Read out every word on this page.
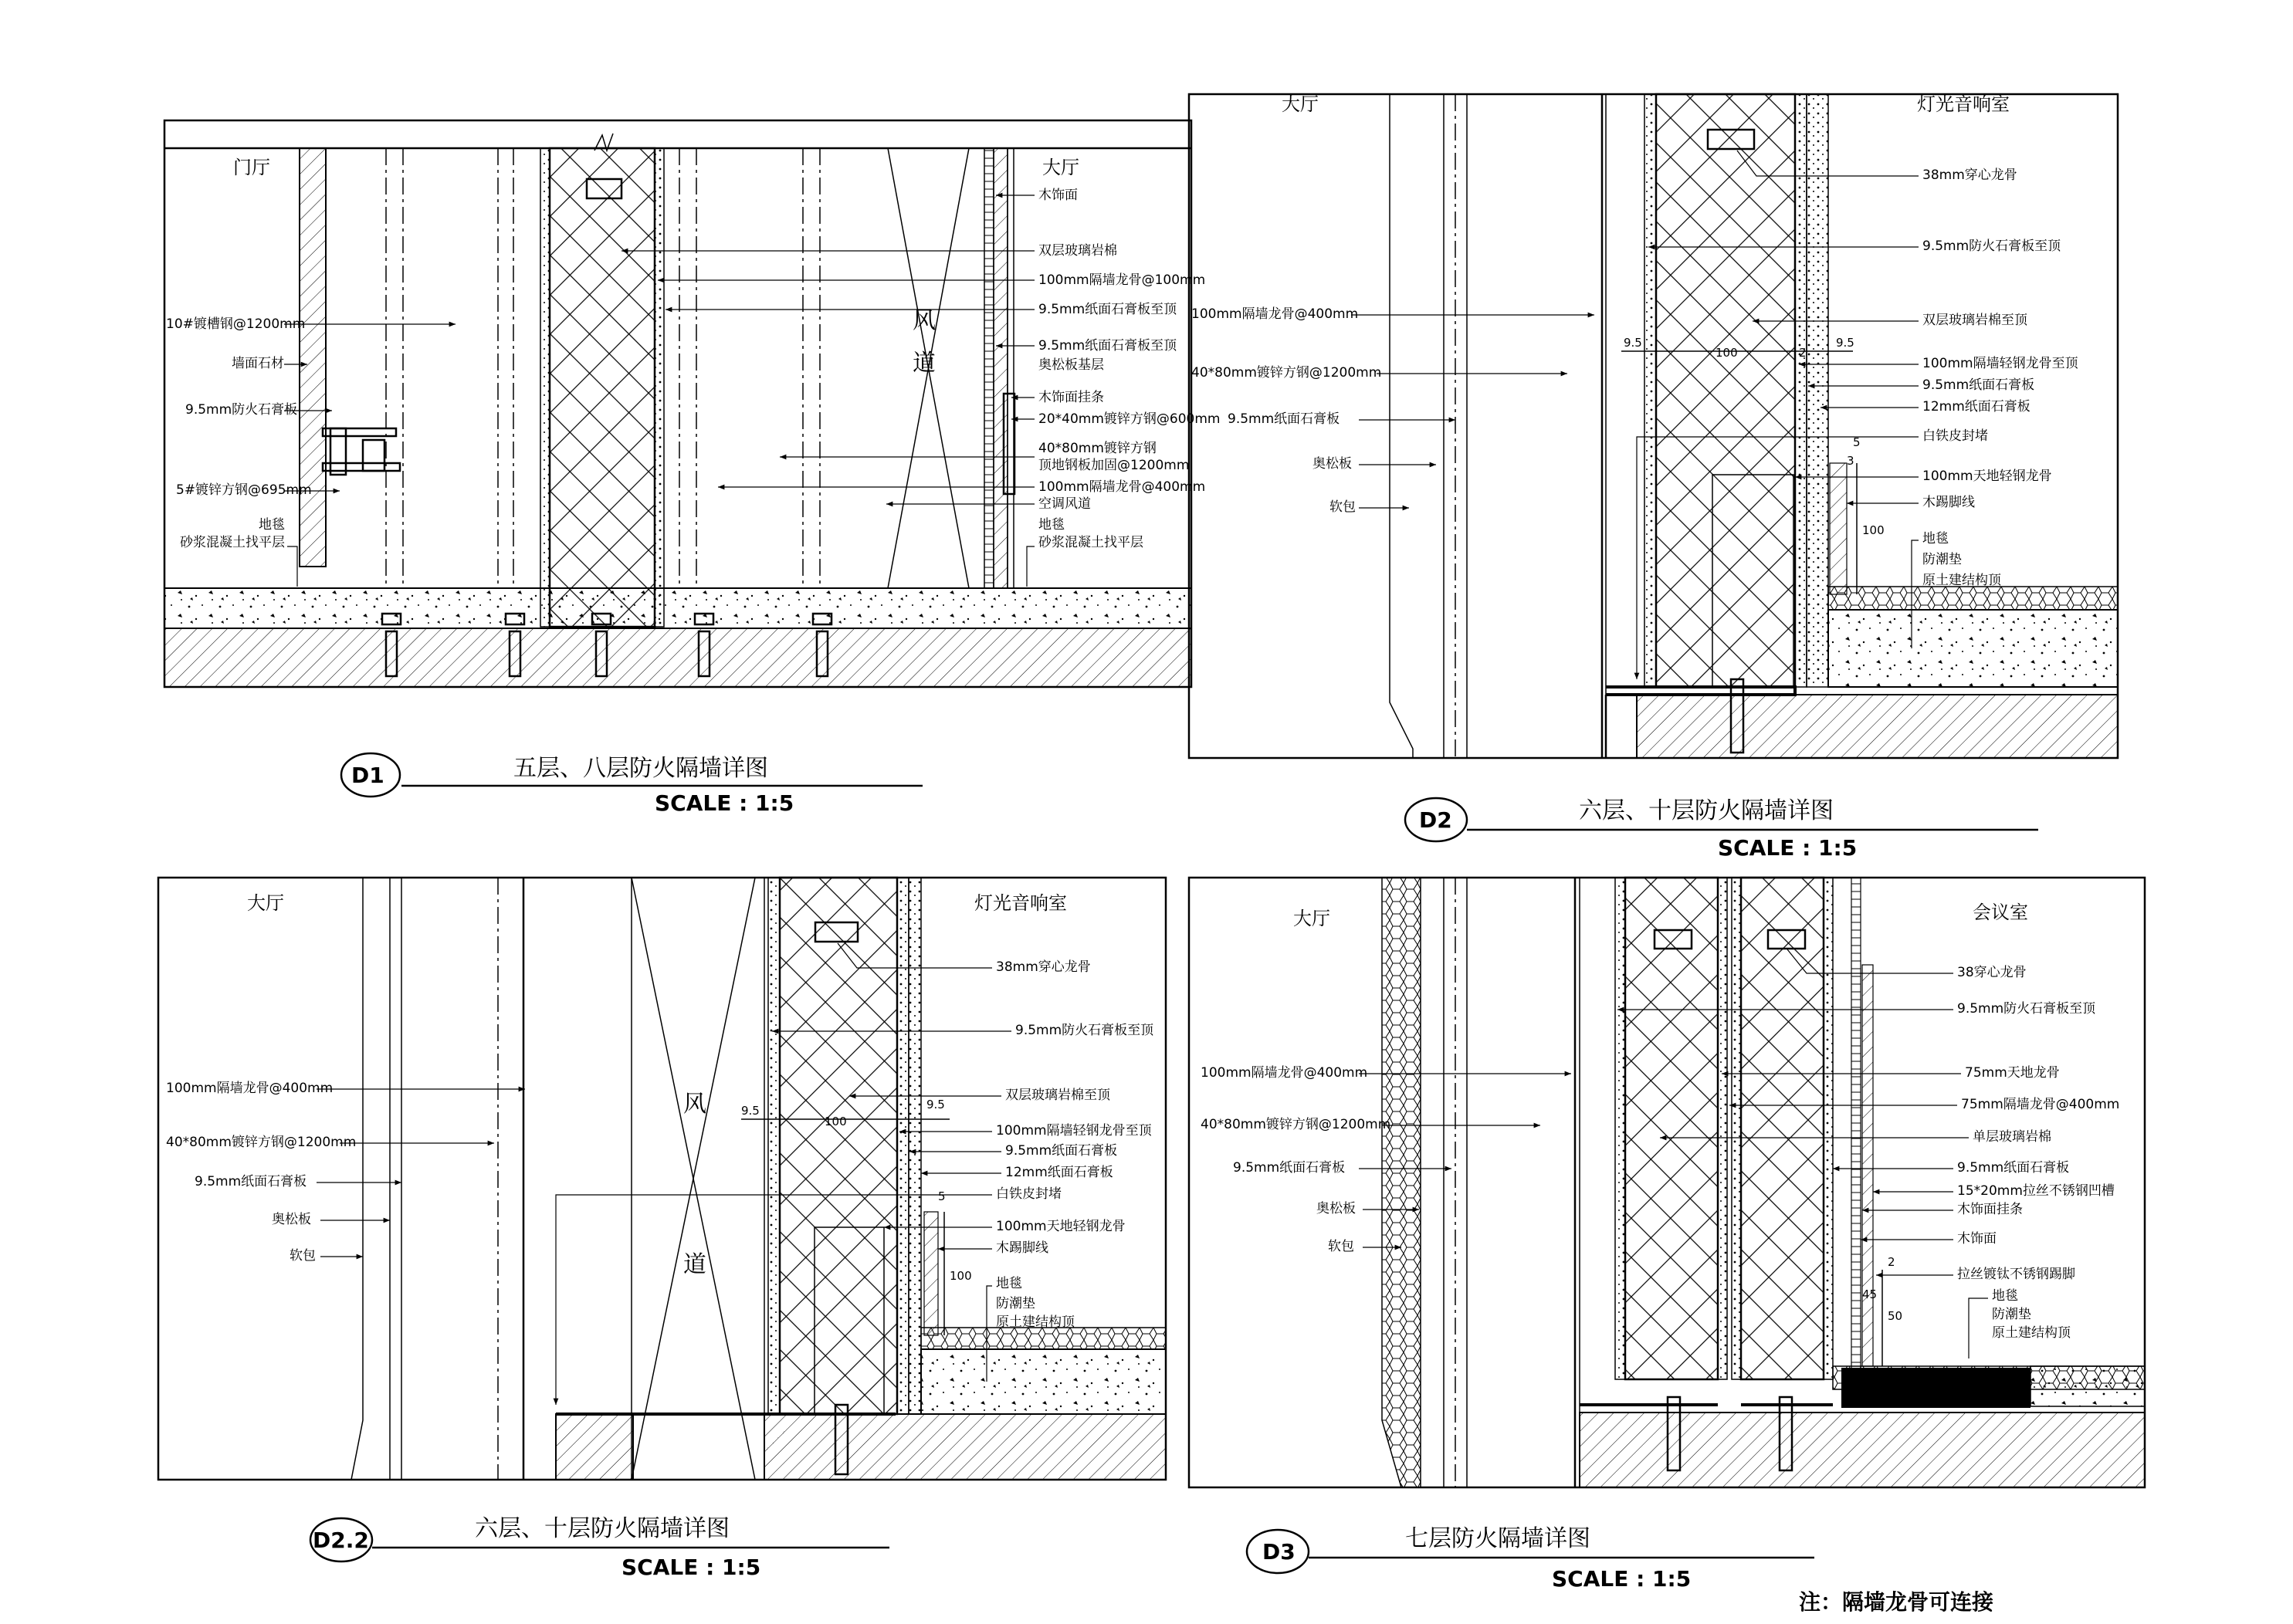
门厅	大厅
风
道
10#镀槽钢@1200mm
墙面石材
9.5mm防火石膏板
5#镀锌方钢@695mm
地毯
砂浆混凝土找平层
木饰面
双层玻璃岩棉
100mm隔墙龙骨@100mm
9.5mm纸面石膏板至顶
9.5mm纸面石膏板至顶
奥松板基层
木饰面挂条
20*40mm镀锌方钢@600mm
40*80mm镀锌方钢
顶地钢板加固@1200mm
100mm隔墙龙骨@400mm
空调风道
地毯
砂浆混凝土找平层
D1	五层、八层防火隔墙详图
SCALE : 1:5
大厅	灯光音响室
100mm隔墙龙骨@400mm
40*80mm镀锌方钢@1200mm
9.5mm纸面石膏板
奥松板
软包
38mm穿心龙骨
9.5mm防火石膏板至顶
双层玻璃岩棉至顶
100mm隔墙轻钢龙骨至顶
9.5mm纸面石膏板
12mm纸面石膏板
白铁皮封堵
100mm天地轻钢龙骨
木踢脚线
地毯
防潮垫
原土建结构顶
9.5
100	2
9.5
5
3
100
D2	六层、十层防火隔墙详图
SCALE : 1:5
大厅	灯光音响室
风
道
100mm隔墙龙骨@400mm
40*80mm镀锌方钢@1200mm
9.5mm纸面石膏板
奥松板
软包
38mm穿心龙骨
9.5mm防火石膏板至顶
双层玻璃岩棉至顶
100mm隔墙轻钢龙骨至顶
9.5mm纸面石膏板
12mm纸面石膏板
白铁皮封堵
100mm天地轻钢龙骨
木踢脚线
地毯
防潮垫
原土建结构顶
9.5
100
9.5
5
100
D2.2	六层、十层防火隔墙详图
SCALE : 1:5
大厅	会议室
100mm隔墙龙骨@400mm
40*80mm镀锌方钢@1200mm
9.5mm纸面石膏板
奥松板
软包
38穿心龙骨
9.5mm防火石膏板至顶
75mm天地龙骨
75mm隔墙龙骨@400mm
单层玻璃岩棉
9.5mm纸面石膏板
15*20mm拉丝不锈钢凹槽
木饰面挂条
木饰面
拉丝镀钛不锈钢踢脚
地毯
防潮垫
原土建结构顶
2
45
50
D3	七层防火隔墙详图
SCALE : 1:5
注：隔墙龙骨可连接
